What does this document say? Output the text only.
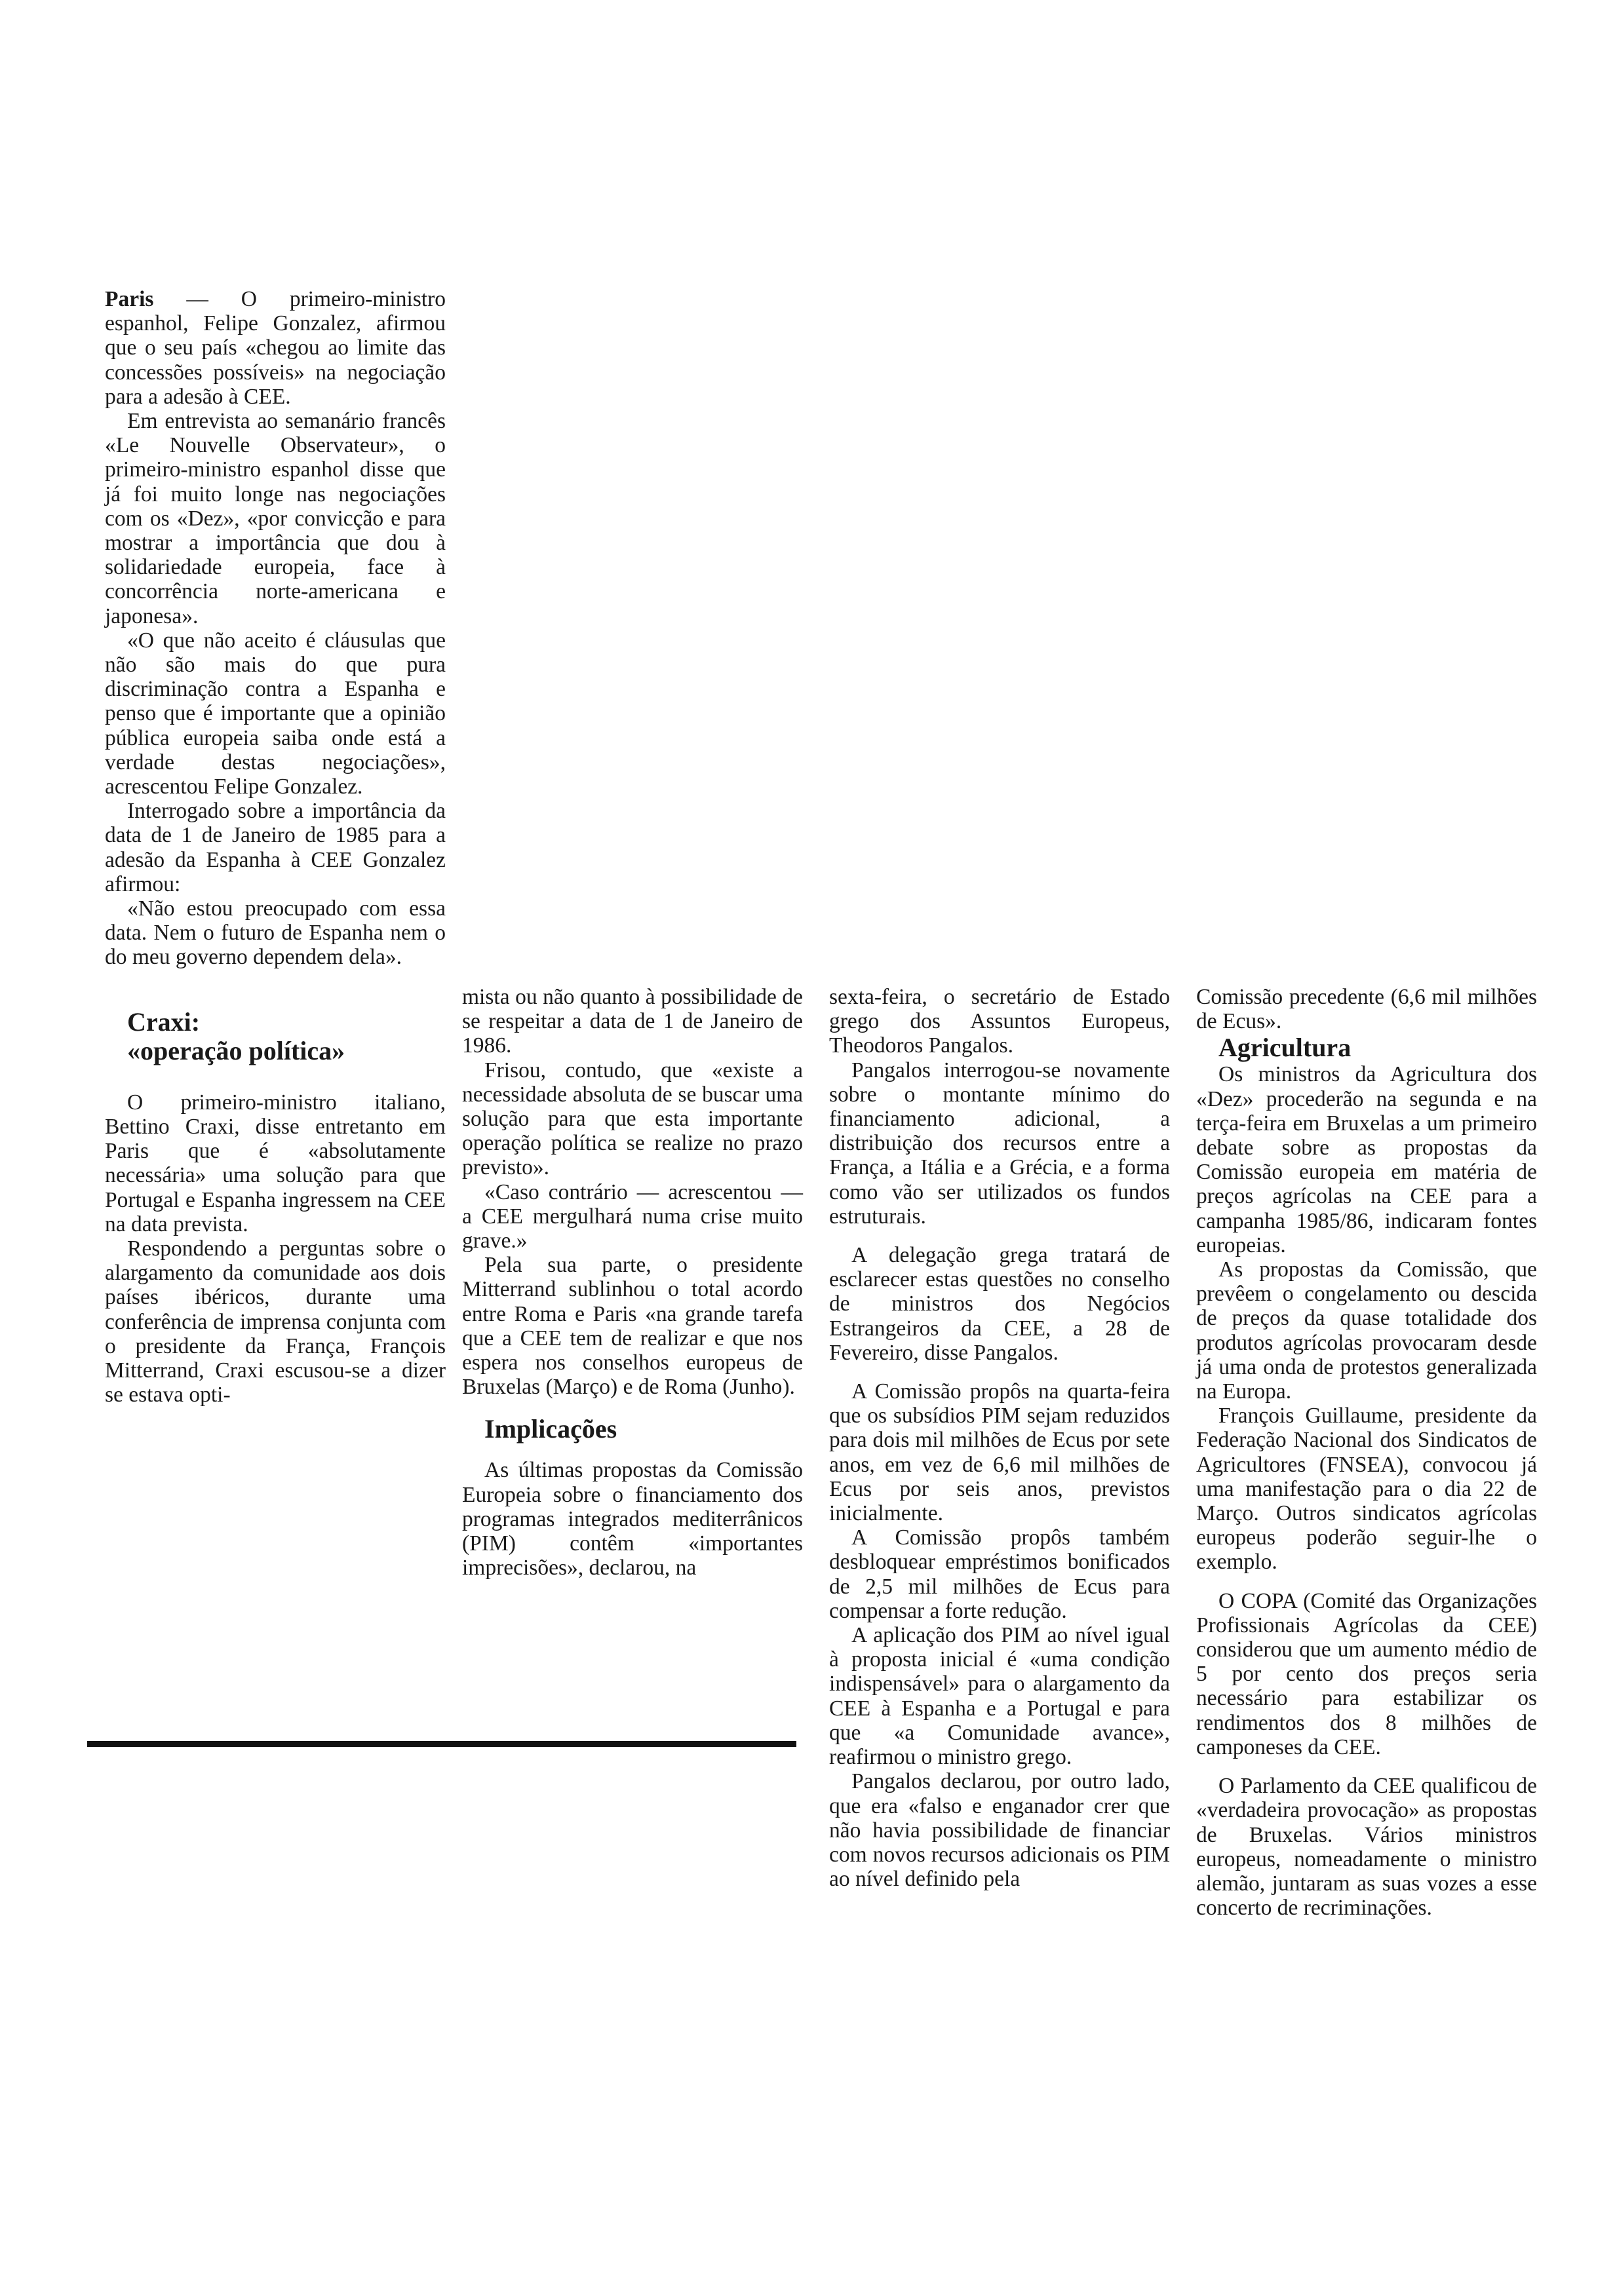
Paris — O primeiro-ministro espanhol, Felipe Gonzalez, afirmou que o seu país «chegou ao limite das concessões possíveis» na negociação para a adesão à CEE.

Em entrevista ao semanário francês «Le Nouvelle Observateur», o primeiro-ministro espanhol disse que já foi muito longe nas negociações com os «Dez», «por convicção e para mostrar a importância que dou à solidariedade europeia, face à concorrência norte-americana e japonesa».

«O que não aceito é cláusulas que não são mais do que pura discriminação contra a Espanha e penso que é importante que a opinião pública europeia saiba onde está a verdade destas negociações», acrescentou Felipe Gonzalez.

Interrogado sobre a importância da data de 1 de Janeiro de 1985 para a adesão da Espanha à CEE Gonzalez afirmou:

«Não estou preocupado com essa data. Nem o futuro de Espanha nem o do meu governo dependem dela».

Craxi:

«operação política»

O primeiro-ministro italiano, Bettino Craxi, disse entretanto em Paris que é «absolutamente necessária» uma solução para que Portugal e Espanha ingressem na CEE na data prevista.

Respondendo a perguntas sobre o alargamento da comunidade aos dois países ibéricos, durante uma conferência de imprensa conjunta com o presidente da França, François Mitterrand, Craxi escusou-se a dizer se estava opti-

mista ou não quanto à possibilidade de se respeitar a data de 1 de Janeiro de 1986.

Frisou, contudo, que «existe a necessidade absoluta de se buscar uma solução para que esta importante operação política se realize no prazo previsto».

«Caso contrário — acrescentou — a CEE mergulhará numa crise muito grave.»

Pela sua parte, o presidente Mitterrand sublinhou o total acordo entre Roma e Paris «na grande tarefa que a CEE tem de realizar e que nos espera nos conselhos europeus de Bruxelas (Março) e de Roma (Junho).

Implicações

As últimas propostas da Comissão Europeia sobre o financiamento dos programas integrados mediterrânicos (PIM) contêm «importantes imprecisões», declarou, na

sexta-feira, o secretário de Estado grego dos Assuntos Europeus, Theodoros Pangalos.

Pangalos interrogou-se novamente sobre o montante mínimo do financiamento adicional, a distribuição dos recursos entre a França, a Itália e a Grécia, e a forma como vão ser utilizados os fundos estruturais.

A delegação grega tratará de esclarecer estas questões no conselho de ministros dos Negócios Estrangeiros da CEE, a 28 de Fevereiro, disse Pangalos.

A Comissão propôs na quarta-feira que os subsídios PIM sejam reduzidos para dois mil milhões de Ecus por sete anos, em vez de 6,6 mil milhões de Ecus por seis anos, previstos inicialmente.

A Comissão propôs também desbloquear empréstimos bonificados de 2,5 mil milhões de Ecus para compensar a forte redução.

A aplicação dos PIM ao nível igual à proposta inicial é «uma condição indispensável» para o alargamento da CEE à Espanha e a Portugal e para que «a Comunidade avance», reafirmou o ministro grego.

Pangalos declarou, por outro lado, que era «falso e enganador crer que não havia possibilidade de financiar com novos recursos adicionais os PIM ao nível definido pela

Comissão precedente (6,6 mil milhões de Ecus».

Agricultura

Os ministros da Agricultura dos «Dez» procederão na segunda e na terça-feira em Bruxelas a um primeiro debate sobre as propostas da Comissão europeia em matéria de preços agrícolas na CEE para a campanha 1985/86, indicaram fontes europeias.

As propostas da Comissão, que prevêem o congelamento ou descida de preços da quase totalidade dos produtos agrícolas provocaram desde já uma onda de protestos generalizada na Europa.

François Guillaume, presidente da Federação Nacional dos Sindicatos de Agricultores (FNSEA), convocou já uma manifestação para o dia 22 de Março. Outros sindicatos agrícolas europeus poderão seguir-lhe o exemplo.

O COPA (Comité das Organizações Profissionais Agrícolas da CEE) considerou que um aumento médio de 5 por cento dos preços seria necessário para estabilizar os rendimentos dos 8 milhões de camponeses da CEE.

O Parlamento da CEE qualificou de «verdadeira provocação» as propostas de Bruxelas. Vários ministros europeus, nomeadamente o ministro alemão, juntaram as suas vozes a esse concerto de recriminações.
